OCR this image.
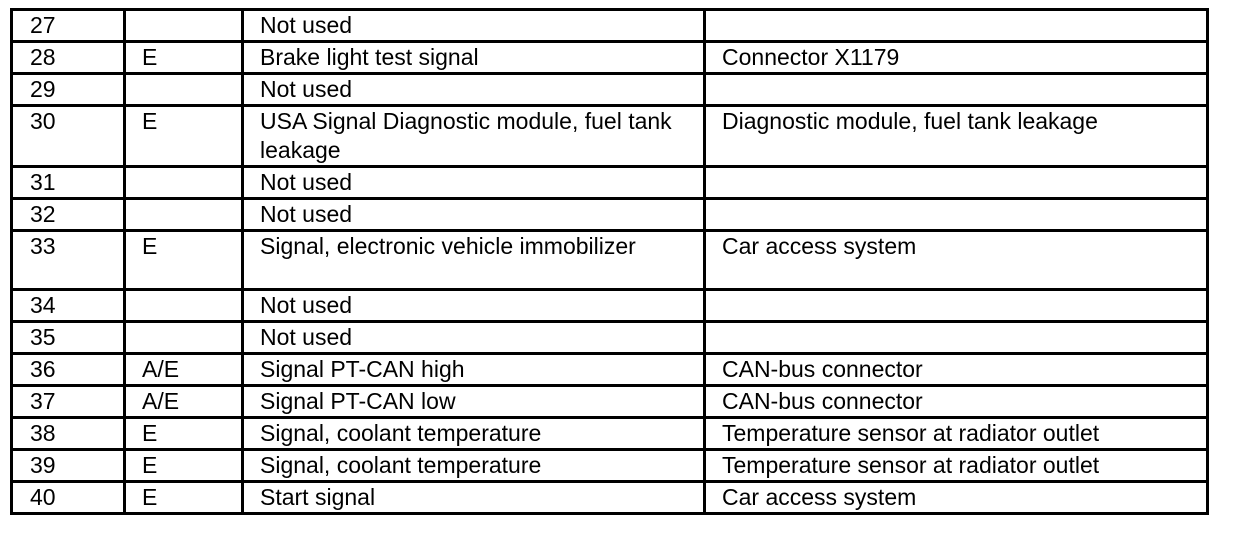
27		Not used	
28	E	Brake light test signal	Connector X1179
29		Not used	
30	E	USA Signal Diagnostic module, fuel tank leakage	Diagnostic module, fuel tank leakage
31		Not used	
32		Not used	
33	E	Signal, electronic vehicle immobilizer	Car access system
34		Not used	
35		Not used	
36	A/E	Signal PT-CAN high	CAN-bus connector
37	A/E	Signal PT-CAN low	CAN-bus connector
38	E	Signal, coolant temperature	Temperature sensor at radiator outlet
39	E	Signal, coolant temperature	Temperature sensor at radiator outlet
40	E	Start signal	Car access system
